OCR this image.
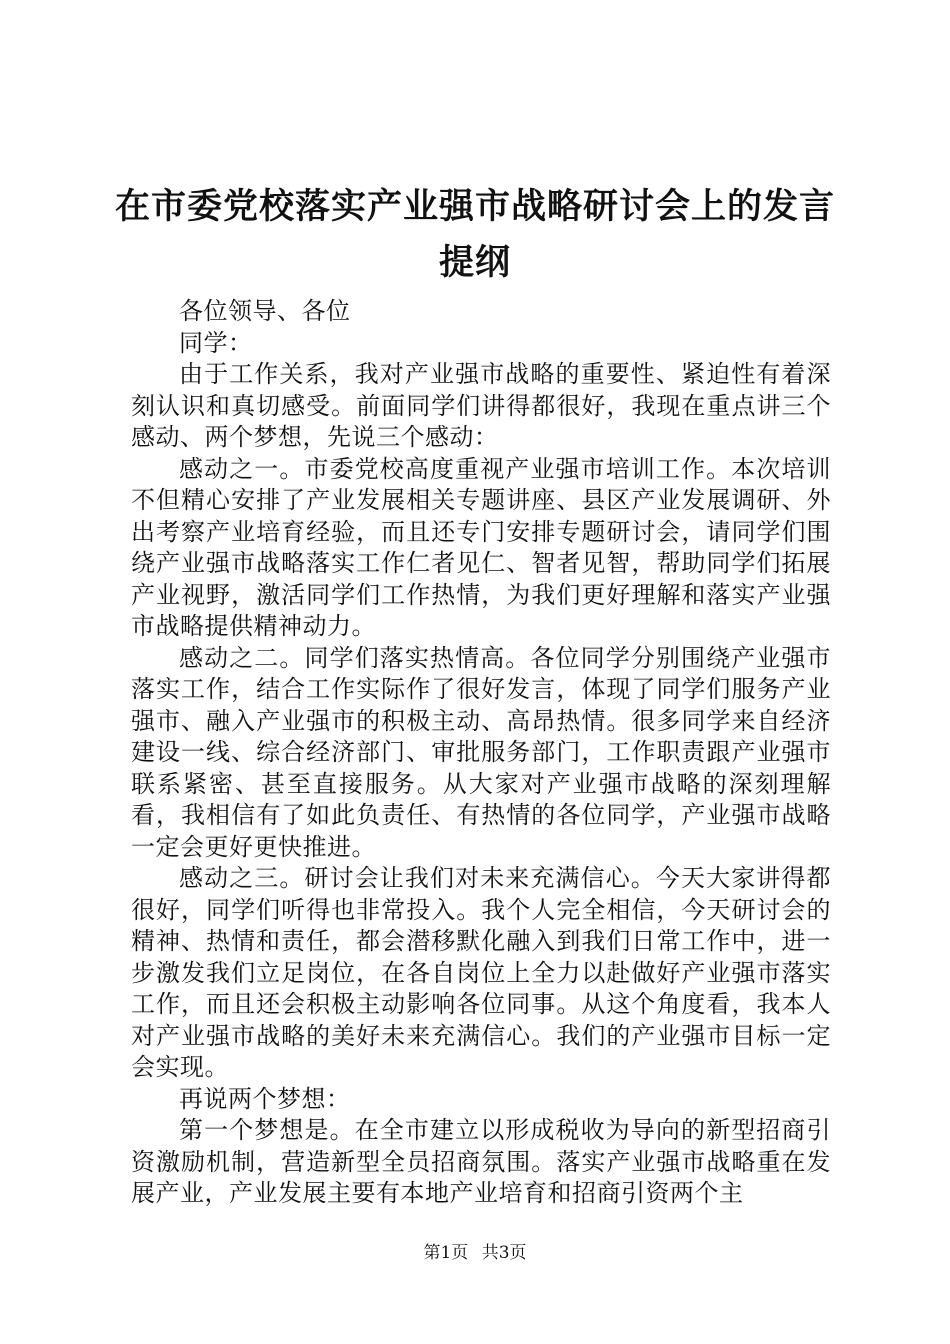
在市委党校落实产业强市战略研讨会上的发言
提纲

各位领导、各位

同学：

由于工作关系，我对产业强市战略的重要性、紧迫性有着深刻认识和真切感受。前面同学们讲得都很好，我现在重点讲三个感动、两个梦想，先说三个感动：

感动之一。市委党校高度重视产业强市培训工作。本次培训不但精心安排了产业发展相关专题讲座、县区产业发展调研、外出考察产业培育经验，而且还专门安排专题研讨会，请同学们围绕产业强市战略落实工作仁者见仁、智者见智，帮助同学们拓展产业视野，激活同学们工作热情，为我们更好理解和落实产业强市战略提供精神动力。

感动之二。同学们落实热情高。各位同学分别围绕产业强市落实工作，结合工作实际作了很好发言，体现了同学们服务产业强市、融入产业强市的积极主动、高昂热情。很多同学来自经济建设一线、综合经济部门、审批服务部门，工作职责跟产业强市联系紧密、甚至直接服务。从大家对产业强市战略的深刻理解看，我相信有了如此负责任、有热情的各位同学，产业强市战略一定会更好更快推进。

感动之三。研讨会让我们对未来充满信心。今天大家讲得都很好，同学们听得也非常投入。我个人完全相信，今天研讨会的精神、热情和责任，都会潜移默化融入到我们日常工作中，进一步激发我们立足岗位，在各自岗位上全力以赴做好产业强市落实工作，而且还会积极主动影响各位同事。从这个角度看，我本人对产业强市战略的美好未来充满信心。我们的产业强市目标一定会实现。

再说两个梦想：

第一个梦想是。在全市建立以形成税收为导向的新型招商引资激励机制，营造新型全员招商氛围。落实产业强市战略重在发展产业，产业发展主要有本地产业培育和招商引资两个主

第1页 共3页
